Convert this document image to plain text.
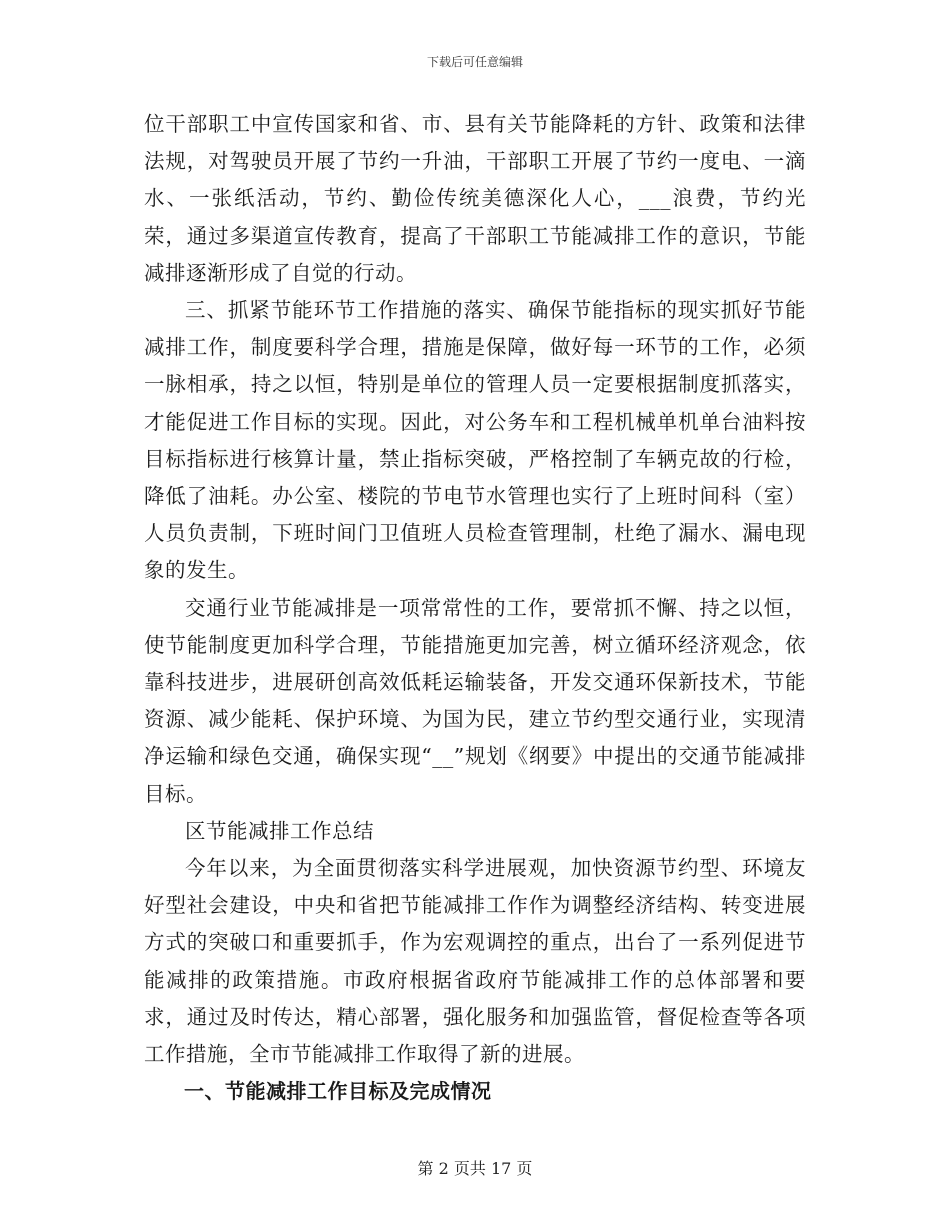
下载后可任意编辑

位干部职工中宣传国家和省、市、县有关节能降耗的方针、政策和法律法规，对驾驶员开展了节约一升油，干部职工开展了节约一度电、一滴水、一张纸活动，节约、勤俭传统美德深化人心，___浪费，节约光荣，通过多渠道宣传教育，提高了干部职工节能减排工作的意识，节能减排逐渐形成了自觉的行动。

三、抓紧节能环节工作措施的落实、确保节能指标的现实抓好节能减排工作，制度要科学合理，措施是保障，做好每一环节的工作，必须一脉相承，持之以恒，特别是单位的管理人员一定要根据制度抓落实，才能促进工作目标的实现。因此，对公务车和工程机械单机单台油料按目标指标进行核算计量，禁止指标突破，严格控制了车辆克故的行检，降低了油耗。办公室、楼院的节电节水管理也实行了上班时间科（室）人员负责制，下班时间门卫值班人员检查管理制，杜绝了漏水、漏电现象的发生。

交通行业节能减排是一项常常性的工作，要常抓不懈、持之以恒，使节能制度更加科学合理，节能措施更加完善，树立循环经济观念，依靠科技进步，进展研创高效低耗运输装备，开发交通环保新技术，节能资源、减少能耗、保护环境、为国为民，建立节约型交通行业，实现清净运输和绿色交通，确保实现“__”规划《纲要》中提出的交通节能减排目标。

区节能减排工作总结

今年以来，为全面贯彻落实科学进展观，加快资源节约型、环境友好型社会建设，中央和省把节能减排工作作为调整经济结构、转变进展方式的突破口和重要抓手，作为宏观调控的重点，出台了一系列促进节能减排的政策措施。市政府根据省政府节能减排工作的总体部署和要求，通过及时传达，精心部署，强化服务和加强监管，督促检查等各项工作措施，全市节能减排工作取得了新的进展。

一、节能减排工作目标及完成情况

第 2 页共 17 页
